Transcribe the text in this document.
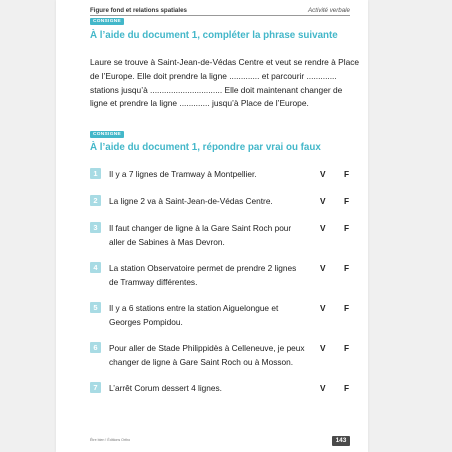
Figure fond et relations spatiales	Activité verbale
CONSIGNE
À l’aide du document 1, compléter la phrase suivante
Laure se trouve à Saint-Jean-de-Védas Centre et veut se rendre à Place
de l’Europe. Elle doit prendre la ligne ............. et parcourir .............
stations jusqu’à ............................... Elle doit maintenant changer de
ligne et prendre la ligne ............. jusqu’à Place de l’Europe.
CONSIGNE
À l’aide du document 1, répondre par vrai ou faux
1	Il y a 7 lignes de Tramway à Montpellier.	V F
2	La ligne 2 va à Saint-Jean-de-Védas Centre.	V F
3	Il faut changer de ligne à la Gare Saint Roch pour
aller de Sabines à Mas Devron.
V F
4	La station Observatoire permet de prendre 2 lignes
de Tramway différentes.
V F
5	Il y a 6 stations entre la station Aiguelongue et
Georges Pompidou.
V F
6	Pour aller de Stade Philippidès à Celleneuve, je peux
changer de ligne à Gare Saint Roch ou à Mosson.
V F
7	L’arrêt Corum dessert 4 lignes.	V F
Être bien ! Éditions Ortho	143
